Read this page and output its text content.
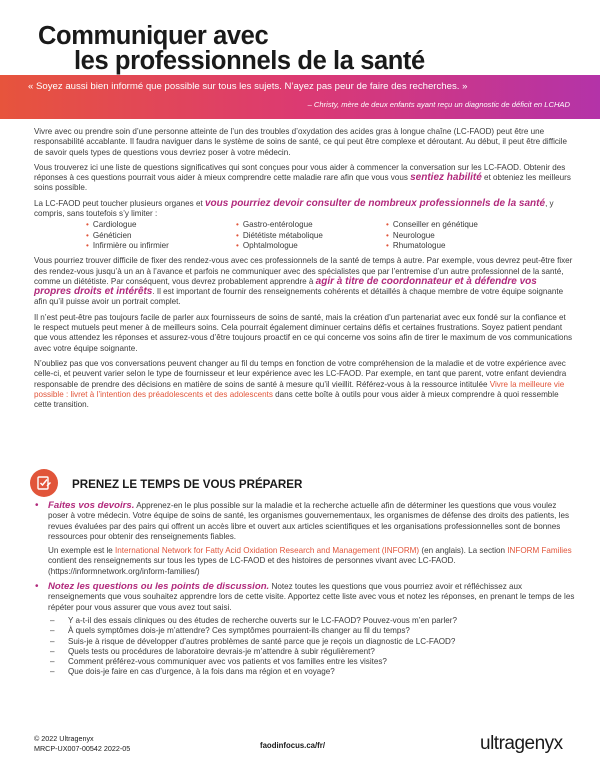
Communiquer avec
les professionnels de la santé
« Soyez aussi bien informé que possible sur tous les sujets. N’ayez pas peur de faire des recherches. »
– Christy, mère de deux enfants ayant reçu un diagnostic de déficit en LCHAD

Vivre avec ou prendre soin d’une personne atteinte de l’un des troubles d’oxydation des acides gras à longue chaîne (LC-FAOD) peut être une responsabilité accablante. Il faudra naviguer dans le système de soins de santé, ce qui peut être complexe et déroutant. Au début, il peut être difficile de savoir quels types de questions vous devriez poser à votre médecin.

Vous trouverez ici une liste de questions significatives qui sont conçues pour vous aider à commencer la conversation sur les LC-FAOD. Obtenir des réponses à ces questions pourrait vous aider à mieux comprendre cette maladie rare afin que vous vous sentiez habilité et obteniez les meilleurs soins possible.

La LC-FAOD peut toucher plusieurs organes et vous pourriez devoir consulter de nombreux professionnels de la santé, y compris, sans toutefois s’y limiter :

• Cardiologue
• Généticien
• Infirmière ou infirmier
• Gastro-entérologue
• Diététiste métabolique
• Ophtalmologue
• Conseiller en génétique
• Neurologue
• Rhumatologue

Vous pourriez trouver difficile de fixer des rendez-vous avec ces professionnels de la santé de temps à autre. Par exemple, vous devrez peut-être fixer des rendez-vous jusqu’à un an à l’avance et parfois ne communiquer avec des spécialistes que par l’entremise d’un autre professionnel de la santé, comme un diététiste. Par conséquent, vous devrez probablement apprendre à agir à titre de coordonnateur et à défendre vos propres droits et intérêts. Il est important de fournir des renseignements cohérents et détaillés à chaque membre de votre équipe soignante afin qu’il puisse avoir un portrait complet.

Il n’est peut-être pas toujours facile de parler aux fournisseurs de soins de santé, mais la création d’un partenariat avec eux fondé sur la confiance et le respect mutuels peut mener à de meilleurs soins. Cela pourrait également diminuer certains défis et certaines frustrations. Soyez patient pendant que vous attendez les réponses et assurez-vous d’être toujours proactif en ce qui concerne vos soins afin de tirer le maximum de vos communications avec votre équipe soignante.

N’oubliez pas que vos conversations peuvent changer au fil du temps en fonction de votre compréhension de la maladie et de votre expérience avec celle-ci, et peuvent varier selon le type de fournisseur et leur expérience avec les LC-FAOD. Par exemple, en tant que parent, votre enfant deviendra responsable de prendre des décisions en matière de soins de santé à mesure qu’il vieillit. Référez-vous à la ressource intitulée Vivre la meilleure vie possible : livret à l’intention des préadolescents et des adolescents dans cette boîte à outils pour vous aider à mieux comprendre à quoi ressemble cette transition.

PRENEZ LE TEMPS DE VOUS PRÉPARER
• Faites vos devoirs. Apprenez-en le plus possible sur la maladie et la recherche actuelle afin de déterminer les questions que vous voulez poser à votre médecin. Votre équipe de soins de santé, les organismes gouvernementaux, les organismes de défense des droits des patients, les revues évaluées par des pairs qui offrent un accès libre et ouvert aux articles scientifiques et les organisations professionnelles sont de bonnes ressources pour obtenir des renseignements fiables.
Un exemple est le International Network for Fatty Acid Oxidation Research and Management (INFORM) (en anglais). La section INFORM Families contient des renseignements sur tous les types de LC-FAOD et des histoires de personnes vivant avec LC-FAOD. (https://informnetwork.org/inform-families/)
• Notez les questions ou les points de discussion. Notez toutes les questions que vous pourriez avoir et réfléchissez aux renseignements que vous souhaitez apprendre lors de cette visite. Apportez cette liste avec vous et notez les réponses, en prenant le temps de les répéter pour vous assurer que vous avez tout saisi.
– Y a-t-il des essais cliniques ou des études de recherche ouverts sur le LC-FAOD? Pouvez-vous m’en parler?
– À quels symptômes dois-je m’attendre? Ces symptômes pourraient-ils changer au fil du temps?
– Suis-je à risque de développer d’autres problèmes de santé parce que je reçois un diagnostic de LC-FAOD?
– Quels tests ou procédures de laboratoire devrais-je m’attendre à subir régulièrement?
– Comment préférez-vous communiquer avec vos patients et vos familles entre les visites?
– Que dois-je faire en cas d’urgence, à la fois dans ma région et en voyage?
© 2022 Ultragenyx
MRCP-UX007-00542 2022-05	faodinfocus.ca/fr/	ultragenyx
